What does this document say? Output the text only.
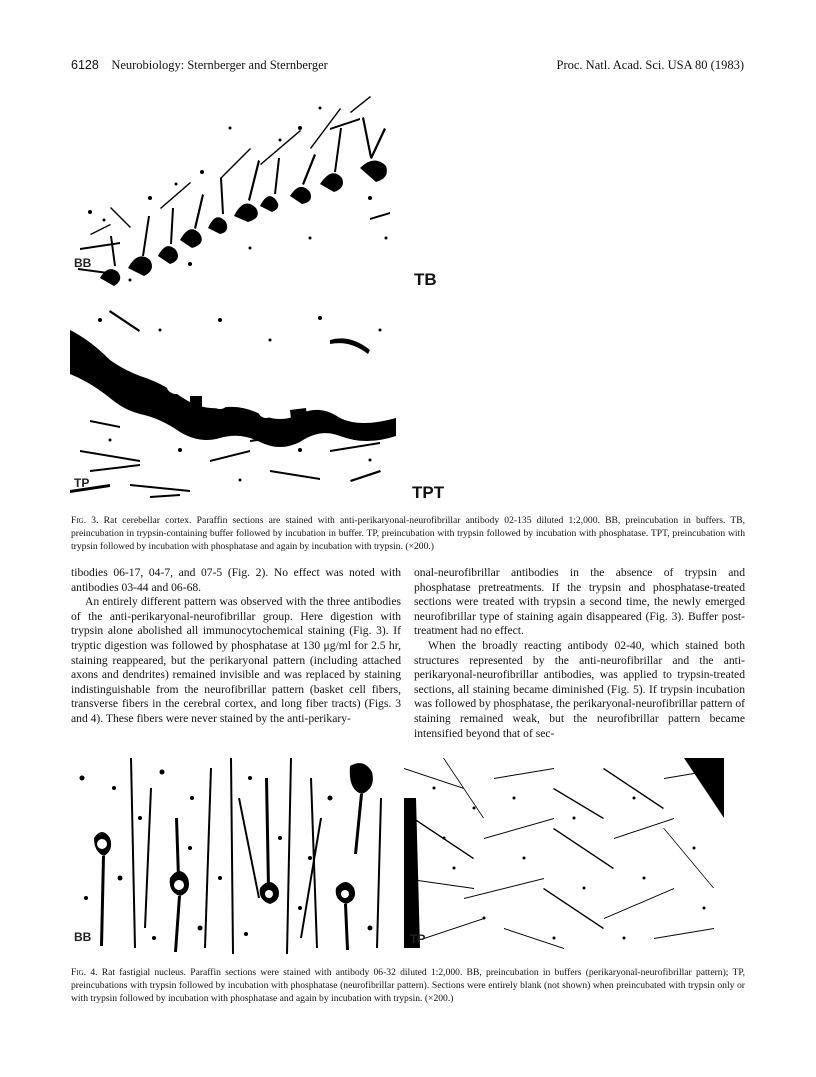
6128 Neurobiology: Sternberger and Sternberger	Proc. Natl. Acad. Sci. USA 80 (1983)
BB
TB
TP	TPT
Fig. 3. Rat cerebellar cortex. Paraffin sections are stained with anti-perikaryonal-neurofibrillar antibody 02-135 diluted 1:2,000. BB, preincubation in buffers. TB, preincubation in trypsin-containing buffer followed by incubation in buffer. TP, preincubation with trypsin followed by incubation with phosphatase. TPT, preincubation with trypsin followed by incubation with phosphatase and again by incubation with trypsin. (×200.)

tibodies 06-17, 04-7, and 07-5 (Fig. 2). No effect was noted with antibodies 03-44 and 06-68.

An entirely different pattern was observed with the three antibodies of the anti-perikaryonal-neurofibrillar group. Here digestion with trypsin alone abolished all immunocytochemical staining (Fig. 3). If tryptic digestion was followed by phosphatase at 130 μg/ml for 2.5 hr, staining reappeared, but the perikaryonal pattern (including attached axons and dendrites) remained invisible and was replaced by staining indistinguishable from the neurofibrillar pattern (basket cell fibers, transverse fibers in the cerebral cortex, and long fiber tracts) (Figs. 3 and 4). These fibers were never stained by the anti-perikary-

onal-neurofibrillar antibodies in the absence of trypsin and phosphatase pretreatments. If the trypsin and phosphatase-treated sections were treated with trypsin a second time, the newly emerged neurofibrillar type of staining again disappeared (Fig. 3). Buffer post-treatment had no effect.

When the broadly reacting antibody 02-40, which stained both structures represented by the anti-neurofibrillar and the anti-perikaryonal-neurofibrillar antibodies, was applied to trypsin-treated sections, all staining became diminished (Fig. 5). If trypsin incubation was followed by phosphatase, the perikaryonal-neurofibrillar pattern of staining remained weak, but the neurofibrillar pattern became intensified beyond that of sec-

BB	TP
Fig. 4. Rat fastigial nucleus. Paraffin sections were stained with antibody 06-32 diluted 1:2,000. BB, preincubation in buffers (perikaryonal-neurofibrillar pattern); TP, preincubations with trypsin followed by incubation with phosphatase (neurofibrillar pattern). Sections were entirely blank (not shown) when preincubated with trypsin only or with trypsin followed by incubation with phosphatase and again by incubation with trypsin. (×200.)
